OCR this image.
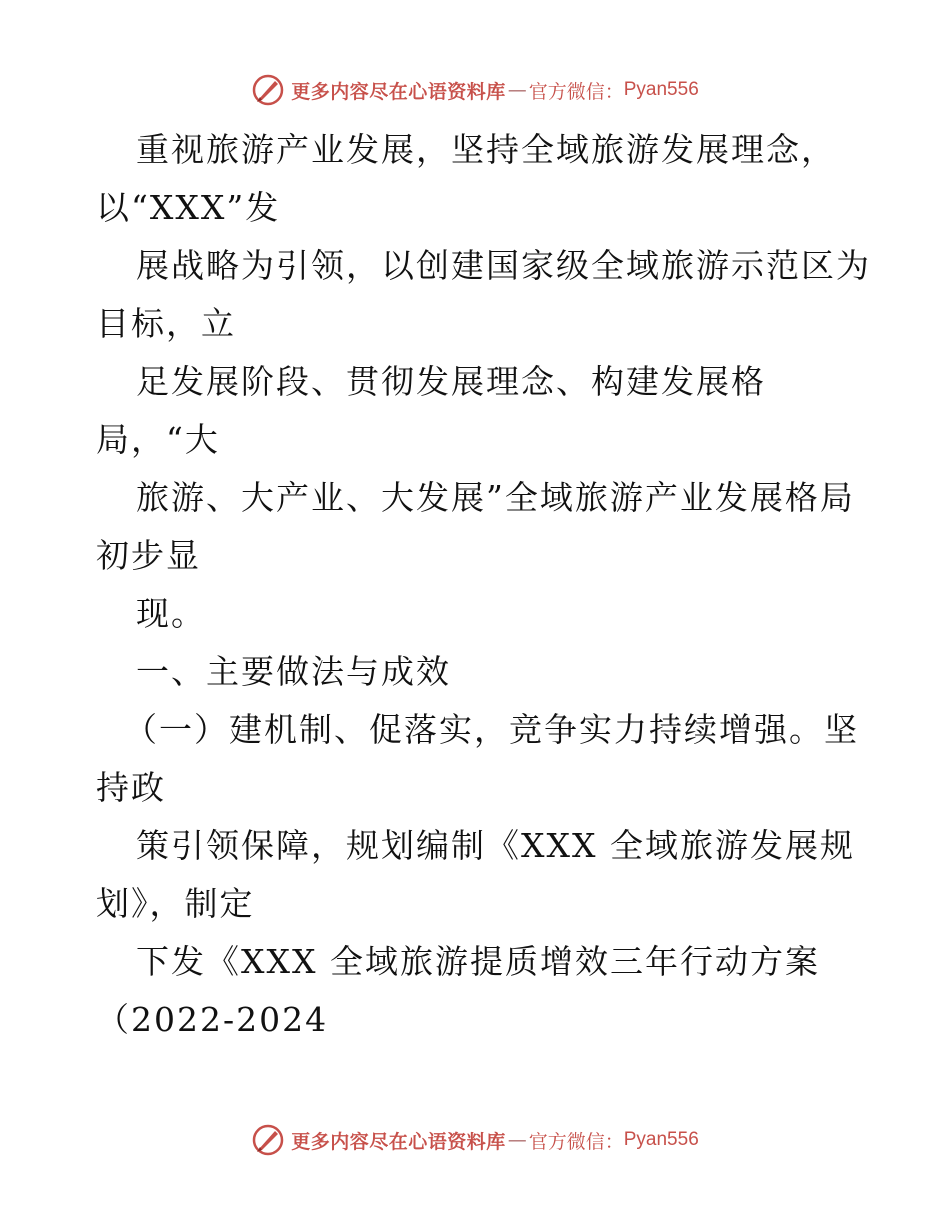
更多内容尽在心语资料库 — 官方微信： Pyan556
重视旅游产业发展，坚持全域旅游发展理念，
以“XXX”发
展战略为引领，以创建国家级全域旅游示范区为
目标，立
足发展阶段、贯彻发展理念、构建发展格
局，“大
旅游、大产业、大发展”全域旅游产业发展格局
初步显
现。
一、主要做法与成效
（一）建机制、促落实，竞争实力持续增强。坚
持政
策引领保障，规划编制《XXX 全域旅游发展规
划》，制定
下发《XXX 全域旅游提质增效三年行动方案
（2022-2024
更多内容尽在心语资料库 — 官方微信： Pyan556
